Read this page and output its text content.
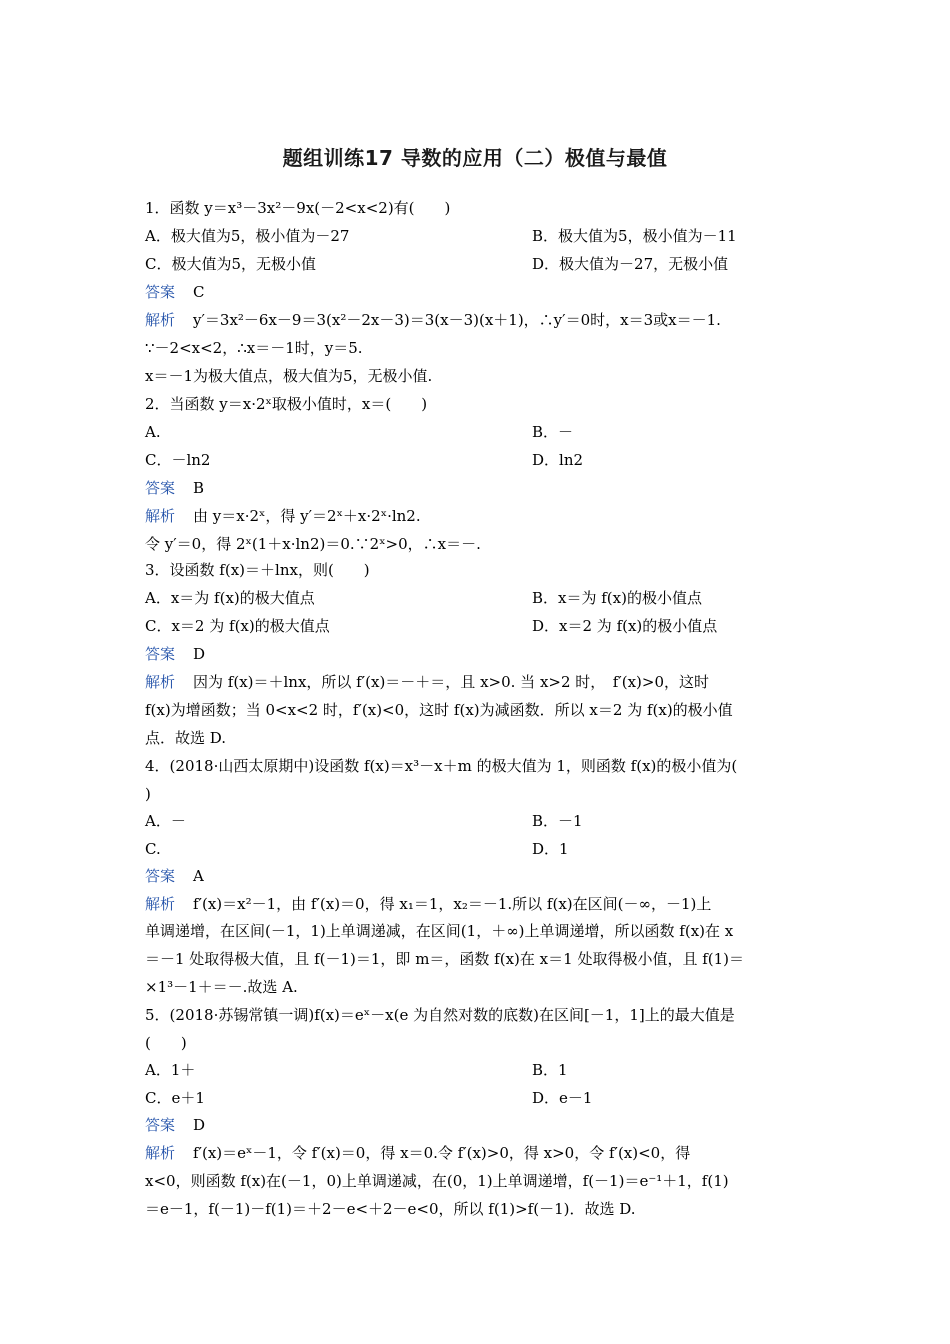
题组训练17 导数的应用（二）极值与最值
1．函数 y＝x³－3x²－9x(－2<x<2)有(　　)
A．极大值为5，极小值为－27	B．极大值为5，极小值为－11
C．极大值为5，无极小值	D．极大值为－27，无极小值
答案 C
解析 y′＝3x²－6x－9＝3(x²－2x－3)＝3(x－3)(x＋1)，∴y′＝0时，x＝3或x＝－1.
∵－2<x<2，∴x＝－1时，y＝5.
x＝－1为极大值点，极大值为5，无极小值.
2．当函数 y＝x·2ˣ取极小值时，x＝(　　)
A.	B．－
C．－ln2	D．ln2
答案 B
解析 由 y＝x·2ˣ，得 y′＝2ˣ＋x·2ˣ·ln2.
令 y′＝0，得 2ˣ(1＋x·ln2)＝0.∵2ˣ>0，∴x＝－.
3．设函数 f(x)＝＋lnx，则(　　)
A．x＝为 f(x)的极大值点	B．x＝为 f(x)的极小值点
C．x＝2 为 f(x)的极大值点	D．x＝2 为 f(x)的极小值点
答案 D
解析 因为 f(x)＝＋lnx，所以 f′(x)＝－＋＝，且 x>0. 当 x>2 时，　f′(x)>0，这时
f(x)为增函数；当 0<x<2 时，f′(x)<0，这时 f(x)为减函数．所以 x＝2 为 f(x)的极小值
点．故选 D.
4．(2018·山西太原期中)设函数 f(x)＝x³－x＋m 的极大值为 1，则函数 f(x)的极小值为(
)
A．－	B．－1
C.	D．1
答案 A
解析 f′(x)＝x²－1，由 f′(x)＝0，得 x₁＝1，x₂＝－1.所以 f(x)在区间(－∞，－1)上
单调递增，在区间(－1，1)上单调递减，在区间(1，＋∞)上单调递增，所以函数 f(x)在 x
＝－1 处取得极大值，且 f(－1)＝1，即 m＝，函数 f(x)在 x＝1 处取得极小值，且 f(1)＝
×1³－1＋＝－.故选 A.
5．(2018·苏锡常镇一调)f(x)＝eˣ－x(e 为自然对数的底数)在区间[－1，1]上的最大值是
(　　)
A．1＋	B．1
C．e＋1	D．e－1
答案 D
解析 f′(x)＝eˣ－1，令 f′(x)＝0，得 x＝0.令 f′(x)>0，得 x>0，令 f′(x)<0，得
x<0，则函数 f(x)在(－1，0)上单调递减，在(0，1)上单调递增，f(－1)＝e⁻¹＋1，f(1)
＝e－1，f(－1)－f(1)＝＋2－e<＋2－e<0，所以 f(1)>f(－1)．故选 D.
